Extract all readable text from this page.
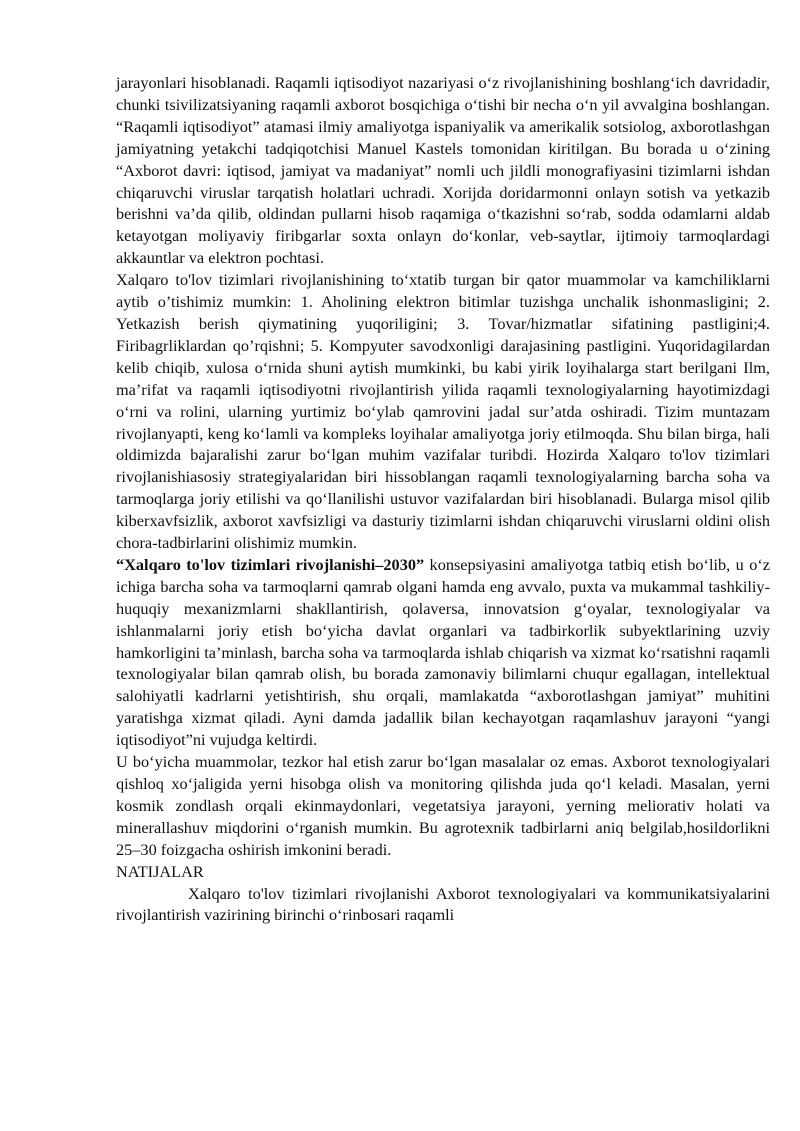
jarayonlari hisoblanadi. Raqamli iqtisodiyot nazariyasi oʻz rivojlanishining boshlangʻich davridadir, chunki tsivilizatsiyaning raqamli axborot bosqichiga oʻtishi bir necha oʻn yil avvalgina boshlangan. “Raqamli iqtisodiyot” atamasi ilmiy amaliyotga ispaniyalik va amerikalik sotsiolog, axborotlashgan jamiyatning yetakchi tadqiqotchisi Manuel Kastels tomonidan kiritilgan. Bu borada u oʻzining “Axborot davri: iqtisod, jamiyat va madaniyat” nomli uch jildli monografiyasini tizimlarni ishdan chiqaruvchi viruslar tarqatish holatlari uchradi. Xorijda doridarmonni onlayn sotish va yetkazib berishni va’da qilib, oldindan pullarni hisob raqamiga oʻtkazishni soʻrab, sodda odamlarni aldab ketayotgan moliyaviy firibgarlar soxta onlayn doʻkonlar, veb-saytlar, ijtimoiy tarmoqlardagi akkauntlar va elektron pochtasi.

Xalqaro to'lov tizimlari rivojlanishining toʻxtatib turgan bir qator muammolar va kamchiliklarni aytib o’tishimiz mumkin: 1. Aholining elektron bitimlar tuzishga unchalik ishonmasligini; 2. Yetkazish berish qiymatining yuqoriligini; 3. Tovar/hizmatlar sifatining pastligini;4. Firibagrliklardan qo’rqishni; 5. Kompyuter savodxonligi darajasining pastligini. Yuqoridagilardan kelib chiqib, xulosa oʻrnida shuni aytish mumkinki, bu kabi yirik loyihalarga start berilgani Ilm, ma’rifat va raqamli iqtisodiyotni rivojlantirish yilida raqamli texnologiyalarning hayotimizdagi oʻrni va rolini, ularning yurtimiz boʻylab qamrovini jadal sur’atda oshiradi. Tizim muntazam rivojlanyapti, keng koʻlamli va kompleks loyihalar amaliyotga joriy etilmoqda. Shu bilan birga, hali oldimizda bajaralishi zarur boʻlgan muhim vazifalar turibdi. Hozirda Xalqaro to'lov tizimlari rivojlanishiasosiy strategiyalaridan biri hissoblangan raqamli texnologiyalarning barcha soha va tarmoqlarga joriy etilishi va qoʻllanilishi ustuvor vazifalardan biri hisoblanadi. Bularga misol qilib kiberxavfsizlik, axborot xavfsizligi va dasturiy tizimlarni ishdan chiqaruvchi viruslarni oldini olish chora-tadbirlarini olishimiz mumkin.

“Xalqaro to'lov tizimlari rivojlanishi–2030” konsepsiyasini amaliyotga tatbiq etish boʻlib, u oʻz ichiga barcha soha va tarmoqlarni qamrab olgani hamda eng avvalo, puxta va mukammal tashkiliy-huquqiy mexanizmlarni shakllantirish, qolaversa, innovatsion gʻoyalar, texnologiyalar va ishlanmalarni joriy etish boʻyicha davlat organlari va tadbirkorlik subyektlarining uzviy hamkorligini ta’minlash, barcha soha va tarmoqlarda ishlab chiqarish va xizmat koʻrsatishni raqamli texnologiyalar bilan qamrab olish, bu borada zamonaviy bilimlarni chuqur egallagan, intellektual salohiyatli kadrlarni yetishtirish, shu orqali, mamlakatda “axborotlashgan jamiyat” muhitini yaratishga xizmat qiladi. Ayni damda jadallik bilan kechayotgan raqamlashuv jarayoni “yangi iqtisodiyot”ni vujudga keltirdi.

U boʻyicha muammolar, tezkor hal etish zarur boʻlgan masalalar oz emas. Axborot texnologiyalari qishloq xoʻjaligida yerni hisobga olish va monitoring qilishda juda qoʻl keladi. Masalan, yerni kosmik zondlash orqali ekinmaydonlari, vegetatsiya jarayoni, yerning meliorativ holati va minerallashuv miqdorini oʻrganish mumkin. Bu agrotexnik tadbirlarni aniq belgilab,hosildorlikni 25–30 foizgacha oshirish imkonini beradi.

NATIJALAR

Xalqaro to'lov tizimlari rivojlanishi Axborot texnologiyalari va kommunikatsiyalarini rivojlantirish vazirining birinchi oʻrinbosari raqamli
